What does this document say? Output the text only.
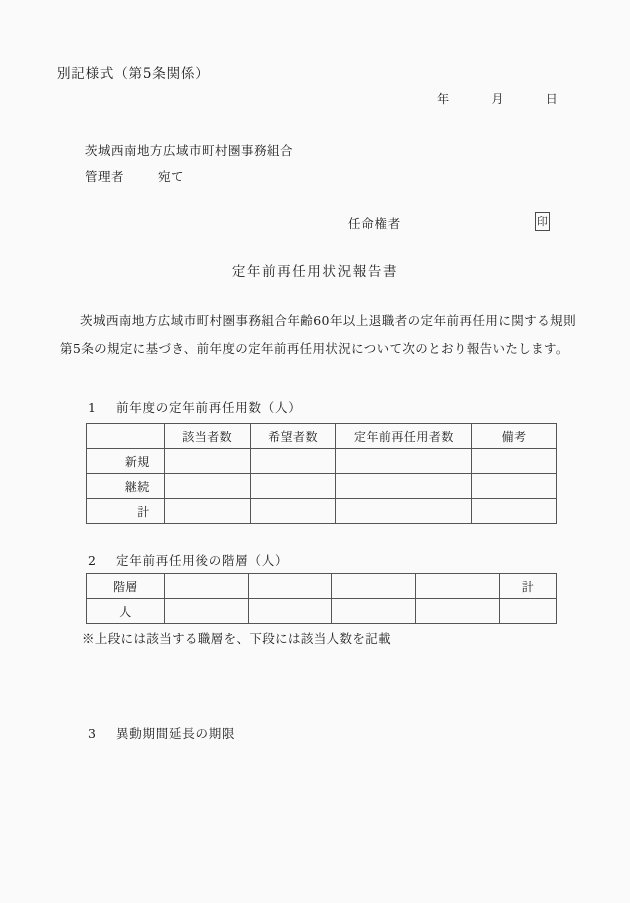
別記様式（第5条関係）
年	月	日
茨城西南地方広域市町村圏事務組合
管理者	宛て
任命権者	印
定年前再任用状況報告書
茨城西南地方広域市町村圏事務組合年齢60年以上退職者の定年前再任用に関する規則第5条の規定に基づき、前年度の定年前再任用状況について次のとおり報告いたします。
1 前年度の定年前再任用数（人）
	該当者数	希望者数	定年前再任用者数	備考
新規				
継続				
計				
2 定年前再任用後の階層（人）
階層					計
人					
※上段には該当する職層を、下段には該当人数を記載
3 異動期間延長の期限
